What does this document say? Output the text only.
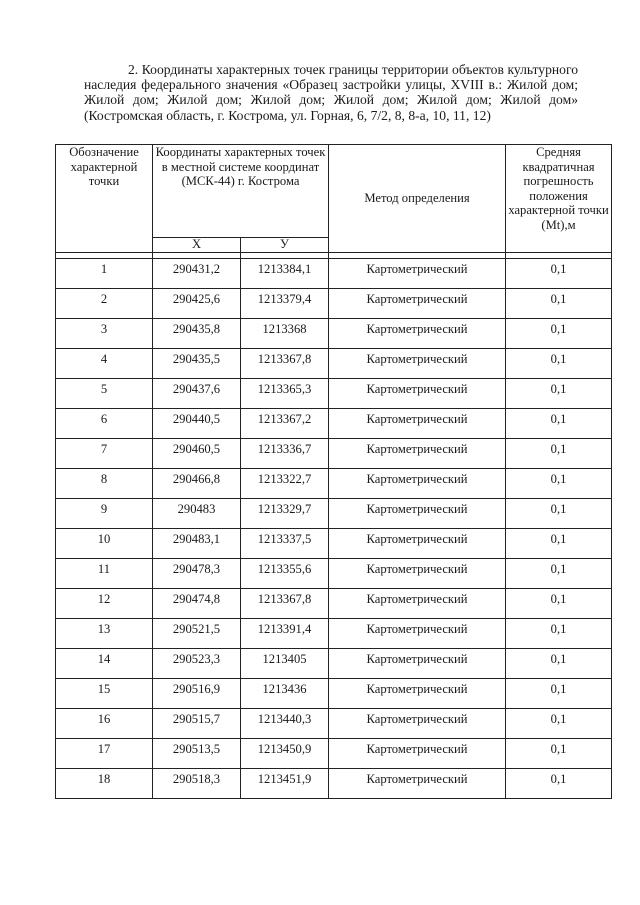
2. Координаты характерных точек границы территории объектов культурного наследия федерального значения «Образец застройки улицы, XVIII в.: Жилой дом; Жилой дом; Жилой дом; Жилой дом; Жилой дом; Жилой дом; Жилой дом» (Костромская область, г. Кострома, ул. Горная, 6, 7/2, 8, 8-а, 10, 11, 12)
Обозначение характерной точки	Координаты характерных точек в местной системе координат (МСК-44) г. Кострома		Метод определения	Средняя квадратичная погрешность положения характерной точки (Mt),м
	Х	У		

1	290431,2	1213384,1	Картометрический	0,1
2	290425,6	1213379,4	Картометрический	0,1
3	290435,8	1213368	Картометрический	0,1
4	290435,5	1213367,8	Картометрический	0,1
5	290437,6	1213365,3	Картометрический	0,1
6	290440,5	1213367,2	Картометрический	0,1
7	290460,5	1213336,7	Картометрический	0,1
8	290466,8	1213322,7	Картометрический	0,1
9	290483	1213329,7	Картометрический	0,1
10	290483,1	1213337,5	Картометрический	0,1
11	290478,3	1213355,6	Картометрический	0,1
12	290474,8	1213367,8	Картометрический	0,1
13	290521,5	1213391,4	Картометрический	0,1
14	290523,3	1213405	Картометрический	0,1
15	290516,9	1213436	Картометрический	0,1
16	290515,7	1213440,3	Картометрический	0,1
17	290513,5	1213450,9	Картометрический	0,1
18	290518,3	1213451,9	Картометрический	0,1
